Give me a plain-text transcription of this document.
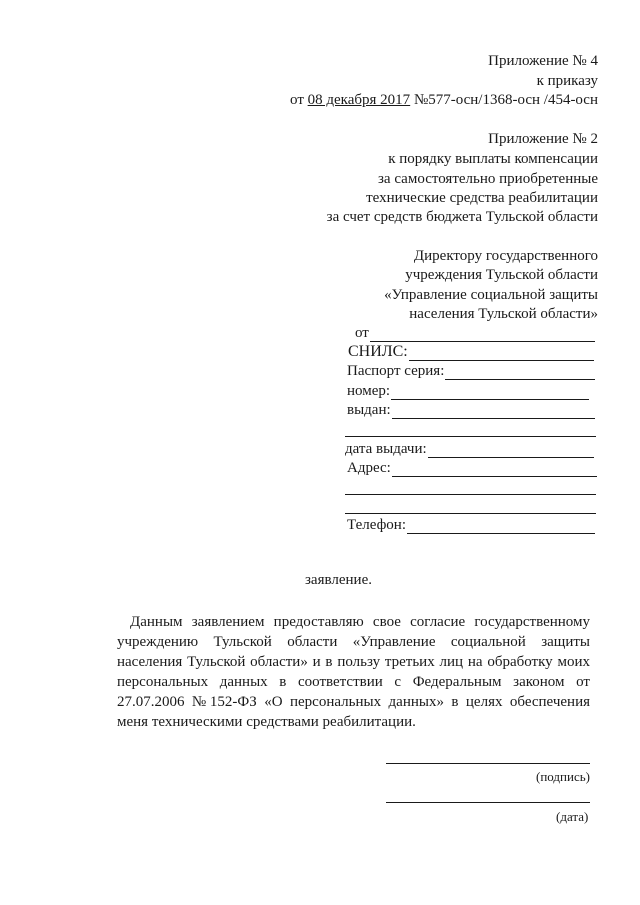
Приложение № 4
к приказу
от 08 декабря 2017 №577-осн/1368-осн /454-осн
Приложение № 2
к порядку выплаты компенсации
за самостоятельно приобретенные
технические средства реабилитации
за счет средств бюджета Тульской области
Директору государственного
учреждения Тульской области
«Управление социальной защиты
населения Тульской области»
от
СНИЛС:
Паспорт серия:
номер:
выдан:
дата выдачи:
Адрес:
Телефон:
заявление.
Данным заявлением предоставляю свое согласие государственному учреждению Тульской области «Управление социальной защиты населения Тульской области» и в пользу третьих лиц на обработку моих персональных данных в соответствии с Федеральным законом от 27.07.2006 №152-ФЗ «О персональных данных» в целях обеспечения меня техническими средствами реабилитации.
(подпись)
(дата)
